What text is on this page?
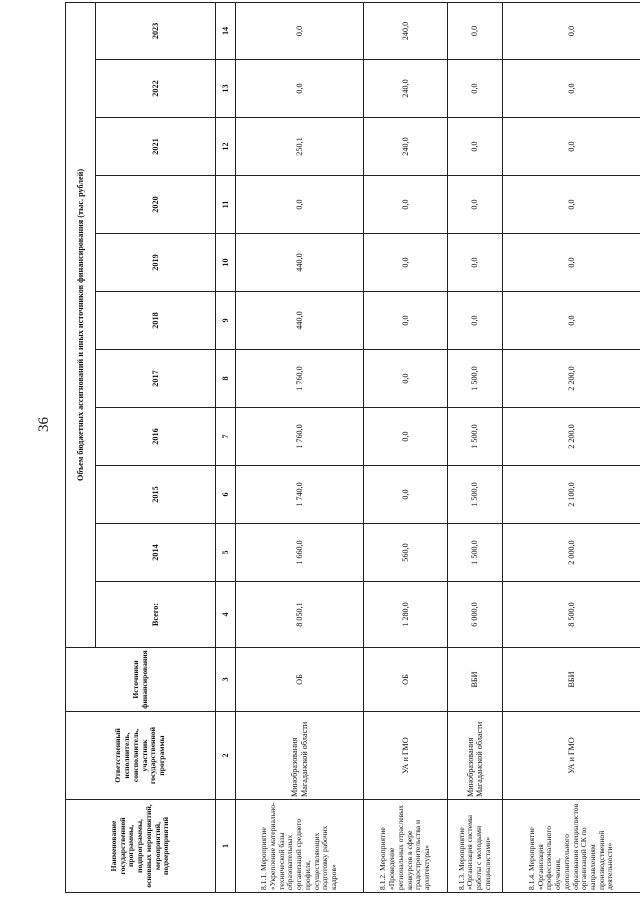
36
Наименование государственной программы, подпрограммы, основных мероприятий, мероприятий, подмероприятий	Ответственный исполнитель, соисполнитель, участник государственной программы	Источники финансирования	Объем бюджетных ассигнований и иных источников финансирования (тыс. рублей)										
			Всего:	2014	2015	2016	2017	2018	2019	2020	2021	2022	2023
1	2	3	4	5	6	7	8	9	10	11	12	13	14
8.1.1. Мероприятие «Укрепление материально-технической базы образовательных организаций среднего профиля, осуществляющих подготовку рабочих кадров»	Минобразования Магаданской области	ОБ	8 050,1	1 660,0	1 740,0	1 760,0	1 760,0	440,0	440,0	0,0	250,1	0,0	0,0
8.1.2. Мероприятие «Проведение региональных отраслевых конкурсов в сфере градостроительства и архитектуры»	УА и ГМО	ОБ	1 280,0	560,0	0,0	0,0	0,0	0,0	0,0	0,0	240,0	240,0	240,0
8.1.3. Мероприятие «Организация системы работы с молодыми специалистами»	Минобразования Магаданской области	ВБИ	6 000,0	1 500,0	1 500,0	1 500,0	1 500,0	0,0	0,0	0,0	0,0	0,0	0,0
8.1.4. Мероприятие «Организация профессионального обучения, дополнительного образования специалистов организаций СК по направлениям производственной деятельности»	УА и ГМО	ВБИ	8 500,0	2 000,0	2 100,0	2 200,0	2 200,0	0,0	0,0	0,0	0,0	0,0	0,0
